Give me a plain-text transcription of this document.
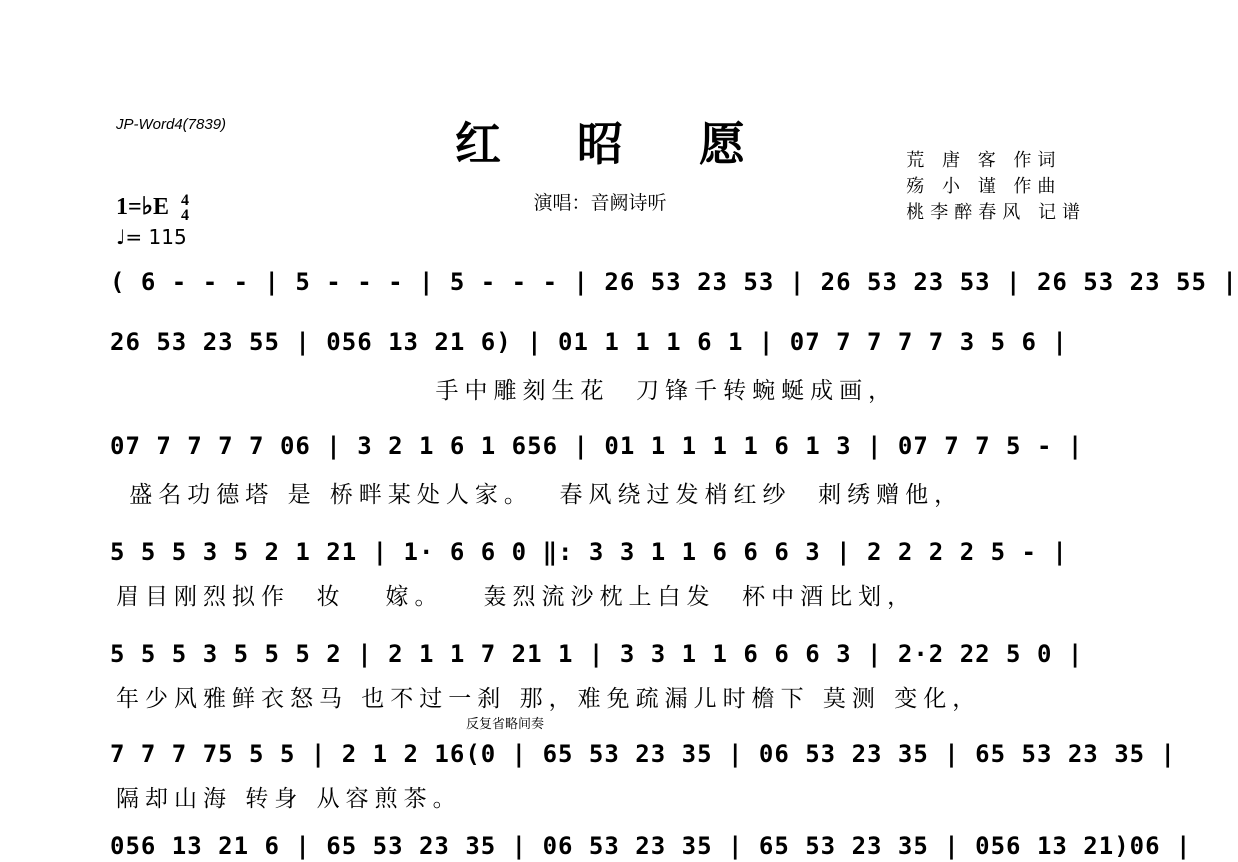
JP-Word4(7839)	红 昭 愿
演唱：音阙诗听
荒 唐 客 作词
殇 小 谨 作曲
桃李醉春风 记谱
1=♭E 4
4
♩= 115
( 6 - - - | 5 - - - | 5 - - - | 26 53 23 53 | 26 53 23 53 | 26 53 23 55 |
26 53 23 55 | 056 13 21 6) | 01 1 1 1 6 1 | 07 7 7 7 7 3 5 6 |
手中雕刻生花  刀锋千转蜿蜒成画，
07 7 7 7 7 06 | 3 2 1 6 1 656 | 01 1 1 1 1 6 1 3 | 07 7 7 5 - |
盛名功德塔 是 桥畔某处人家。  春风绕过发梢红纱  刺绣赠他，
5 5 5 3 5 2 1 21 | 1· 6 6 0 ‖: 3 3 1 1 6 6 6 3 | 2 2 2 2 5 - |
眉目刚烈拟作  妆   嫁。   轰烈流沙枕上白发  杯中酒比划，
5 5 5 3 5 5 5 2 | 2 1 1 7 21 1 | 3 3 1 1 6 6 6 3 | 2·2 22 5 0 |
年少风雅鲜衣怒马 也不过一刹 那，难免疏漏儿时檐下 莫测 变化，
反复省略间奏
7 7 7 75 5 5 | 2 1 2 16(0 | 65 53 23 35 | 06 53 23 35 | 65 53 23 35 |
隔却山海 转身 从容煎茶。
056 13 21 6 | 65 53 23 35 | 06 53 23 35 | 65 53 23 35 | 056 13 21)06 |
